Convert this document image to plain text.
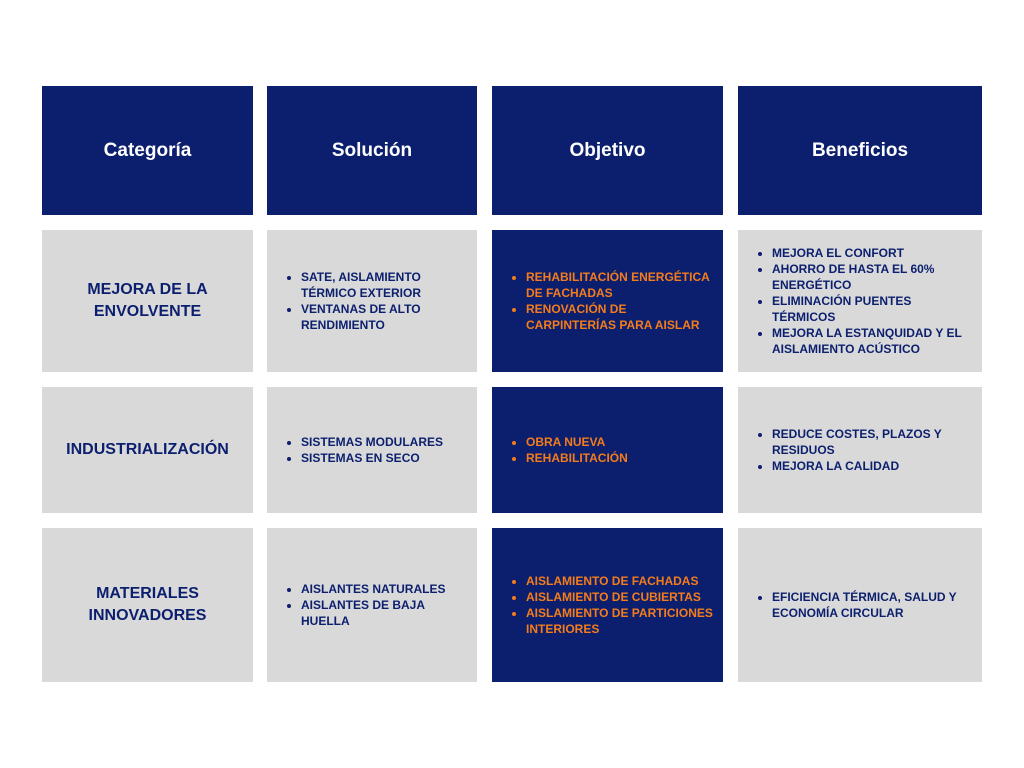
Categoría	Solución	Objetivo	Beneficios
MEJORA DE LA
ENVOLVENTE
• SATE, AISLAMIENTO TÉRMICO EXTERIOR
• VENTANAS DE ALTO RENDIMIENTO
• REHABILITACIÓN ENERGÉTICA DE FACHADAS
• RENOVACIÓN DE CARPINTERÍAS PARA AISLAR
• MEJORA EL CONFORT
• AHORRO DE HASTA EL 60% ENERGÉTICO
• ELIMINACIÓN PUENTES TÉRMICOS
• MEJORA LA ESTANQUIDAD Y EL AISLAMIENTO ACÚSTICO
INDUSTRIALIZACIÓN
•	SISTEMAS MODULARES
• SISTEMAS EN SECO
• OBRA NUEVA
• REHABILITACIÓN
• REDUCE COSTES, PLAZOS Y RESIDUOS
• MEJORA LA CALIDAD
MATERIALES
INNOVADORES
• AISLANTES NATURALES
• AISLANTES DE BAJA HUELLA
• AISLAMIENTO DE FACHADAS
• AISLAMIENTO DE CUBIERTAS
• AISLAMIENTO DE PARTICIONES INTERIORES
• EFICIENCIA TÉRMICA, SALUD Y ECONOMÍA CIRCULAR
